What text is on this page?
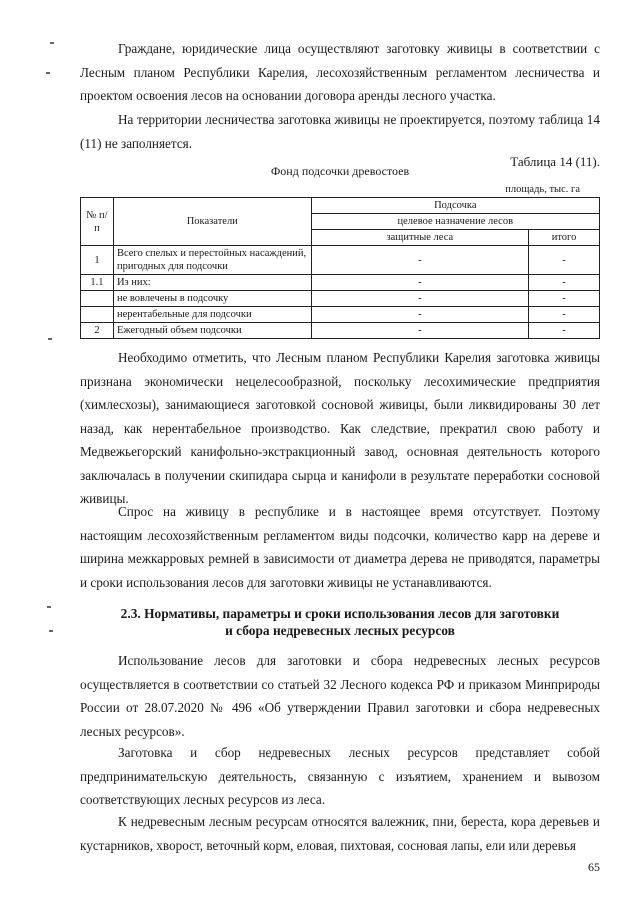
Граждане, юридические лица осуществляют заготовку живицы в соответствии с Лесным планом Республики Карелия, лесохозяйственным регламентом лесничества и проектом освоения лесов на основании договора аренды лесного участка.

На территории лесничества заготовка живицы не проектируется, поэтому таблица 14 (11) не заполняется.

Таблица 14 (11).
Фонд подсочки древостоев
площадь, тыс. га
№ п/п	Показатели	Подсочка	
		целевое назначение лесов	
		защитные леса	итого
1	Всего спелых и перестойных насаждений, пригодных для подсочки	-	-
1.1	Из них:	-	-
	не вовлечены в подсочку	-	-
	нерентабельные для подсочки	-	-
2	Ежегодный объем подсочки	-	-

Необходимо отметить, что Лесным планом Республики Карелия заготовка живицы признана экономически нецелесообразной, поскольку лесохимические предприятия (химлесхозы), занимающиеся заготовкой сосновой живицы, были ликвидированы 30 лет назад, как нерентабельное производство. Как следствие, прекратил свою работу и Медвежьегорский канифольно-экстракционный завод, основная деятельность которого заключалась в получении скипидара сырца и канифоли в результате переработки сосновой живицы.

Спрос на живицу в республике и в настоящее время отсутствует. Поэтому настоящим лесохозяйственным регламентом виды подсочки, количество карр на дереве и ширина межкарровых ремней в зависимости от диаметра дерева не приводятся, параметры и сроки использования лесов для заготовки живицы не устанавливаются.

2.3. Нормативы, параметры и сроки использования лесов для заготовки
и сбора недревесных лесных ресурсов

Использование лесов для заготовки и сбора недревесных лесных ресурсов осуществляется в соответствии со статьей 32 Лесного кодекса РФ и приказом Минприроды России от 28.07.2020 № 496 «Об утверждении Правил заготовки и сбора недревесных лесных ресурсов».

Заготовка и сбор недревесных лесных ресурсов представляет собой предпринимательскую деятельность, связанную с изъятием, хранением и вывозом соответствующих лесных ресурсов из леса.

К недревесным лесным ресурсам относятся валежник, пни, береста, кора деревьев и кустарников, хворост, веточный корм, еловая, пихтовая, сосновая лапы, ели или деревья

65
